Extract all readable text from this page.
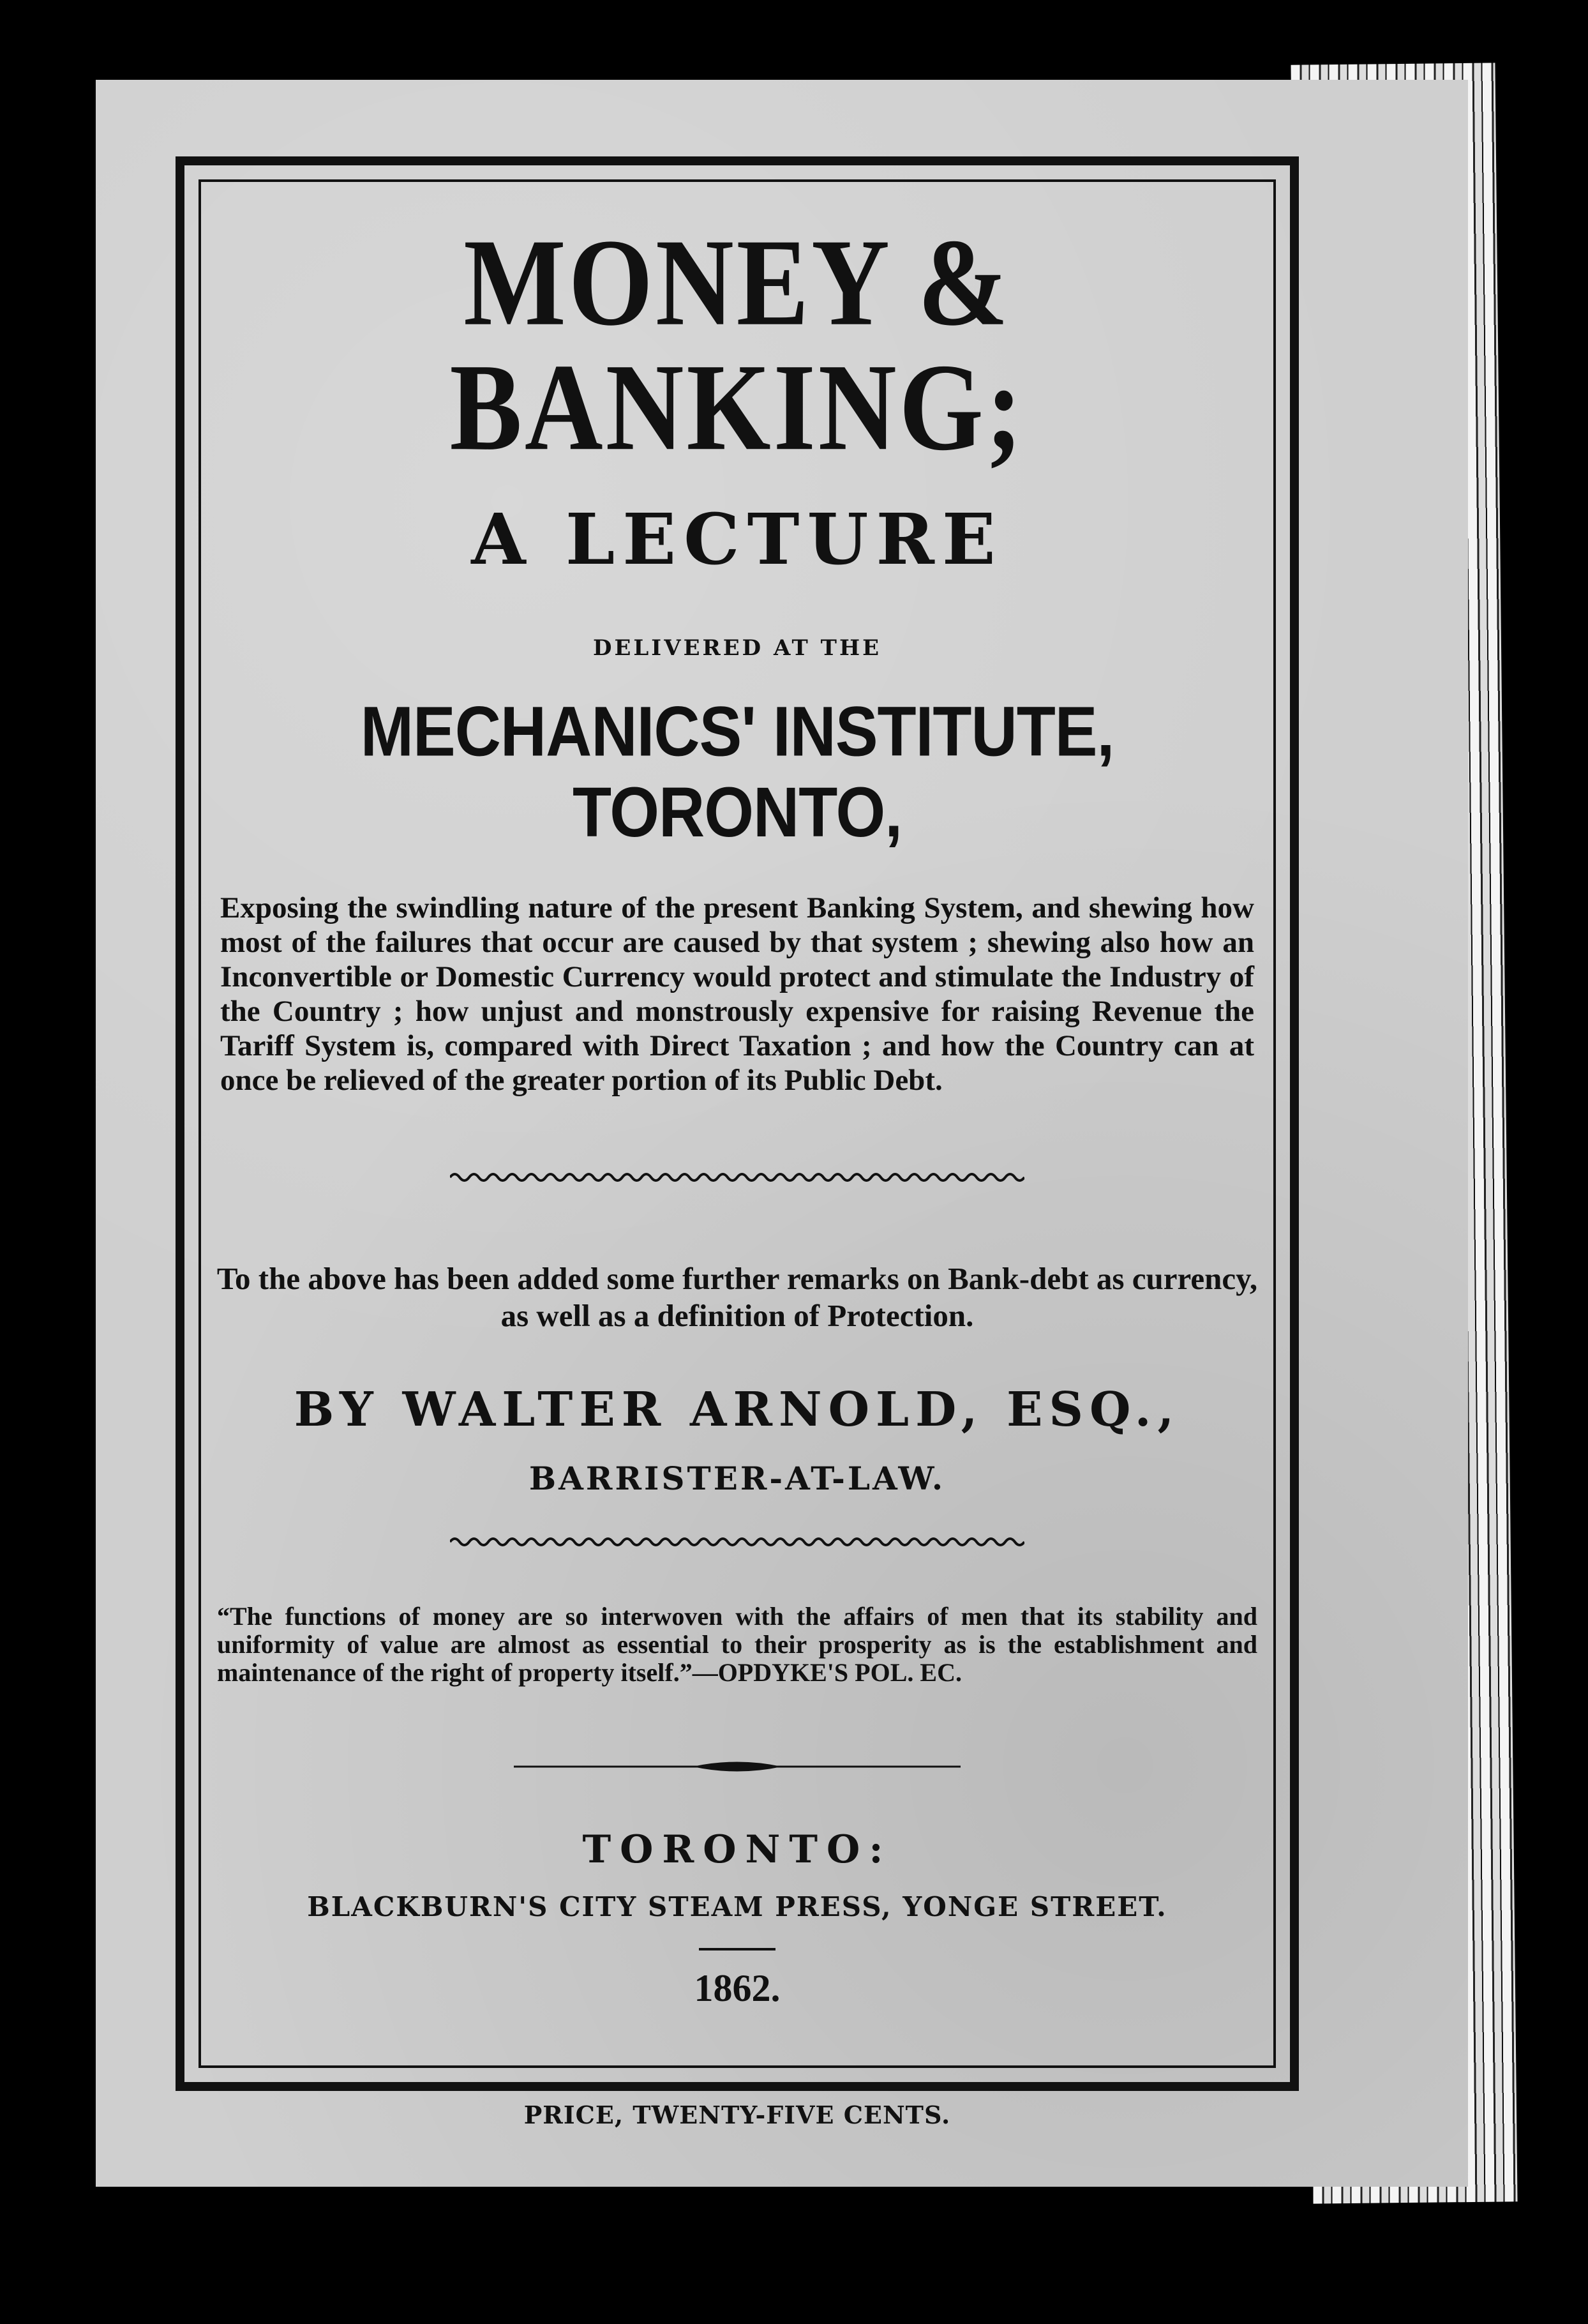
MONEY & BANKING;
A LECTURE
DELIVERED AT THE
MECHANICS' INSTITUTE, TORONTO,
Exposing the swindling nature of the present Banking System, and shewing how most of the failures that occur are caused by that system ; shewing also how an Inconvertible or Domestic Currency would protect and stimulate the Industry of the Country ; how unjust and monstrously expensive for raising Revenue the Tariff System is, compared with Direct Taxation ; and how the Country can at once be relieved of the greater portion of its Public Debt.
To the above has been added some further remarks on Bank-debt as currency, as well as a definition of Protection.
BY WALTER ARNOLD, ESQ.,
BARRISTER-AT-LAW.
“The functions of money are so interwoven with the affairs of men that its stability and uniformity of value are almost as essential to their prosperity as is the establishment and maintenance of the right of property itself.”—OPDYKE'S POL. EC.
TORONTO:
BLACKBURN'S CITY STEAM PRESS, YONGE STREET.
1862.
PRICE, TWENTY-FIVE CENTS.
